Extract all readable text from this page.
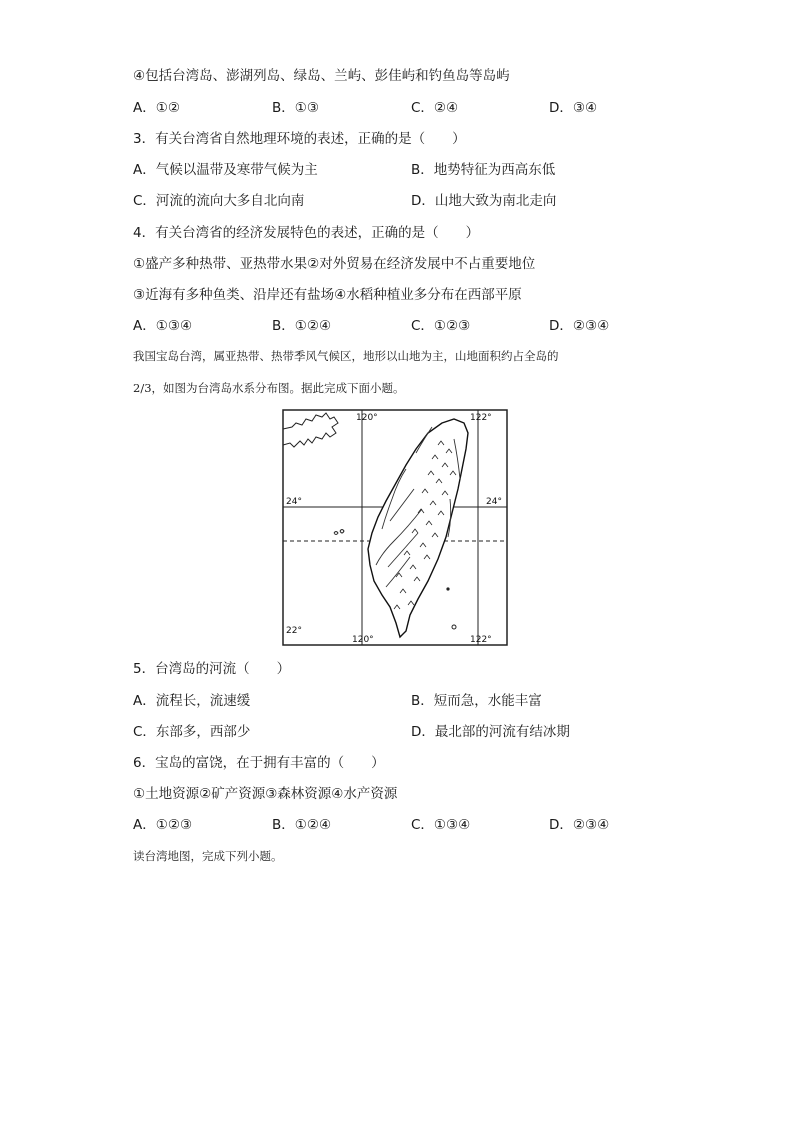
④包括台湾岛、澎湖列岛、绿岛、兰屿、彭佳屿和钓鱼岛等岛屿
A．①②	B．①③	C．②④	D．③④
3．有关台湾省自然地理环境的表述，正确的是（　　）
A．气候以温带及寒带气候为主	B．地势特征为西高东低
C．河流的流向大多自北向南	D．山地大致为南北走向
4．有关台湾省的经济发展特色的表述，正确的是（　　）
①盛产多种热带、亚热带水果②对外贸易在经济发展中不占重要地位
③近海有多种鱼类、沿岸还有盐场④水稻种植业多分布在西部平原
A．①③④	B．①②④	C．①②③	D．②③④
我国宝岛台湾，属亚热带、热带季风气候区，地形以山地为主，山地面积约占全岛的
2/3，如图为台湾岛水系分布图。据此完成下面小题。
120°	122°
24°	24°
22°
120°	122°
5．台湾岛的河流（　　）
A．流程长，流速缓	B．短而急，水能丰富
C．东部多，西部少	D．最北部的河流有结冰期
6．宝岛的富饶，在于拥有丰富的（　　）
①土地资源②矿产资源③森林资源④水产资源
A．①②③	B．①②④	C．①③④	D．②③④
读台湾地图，完成下列小题。
